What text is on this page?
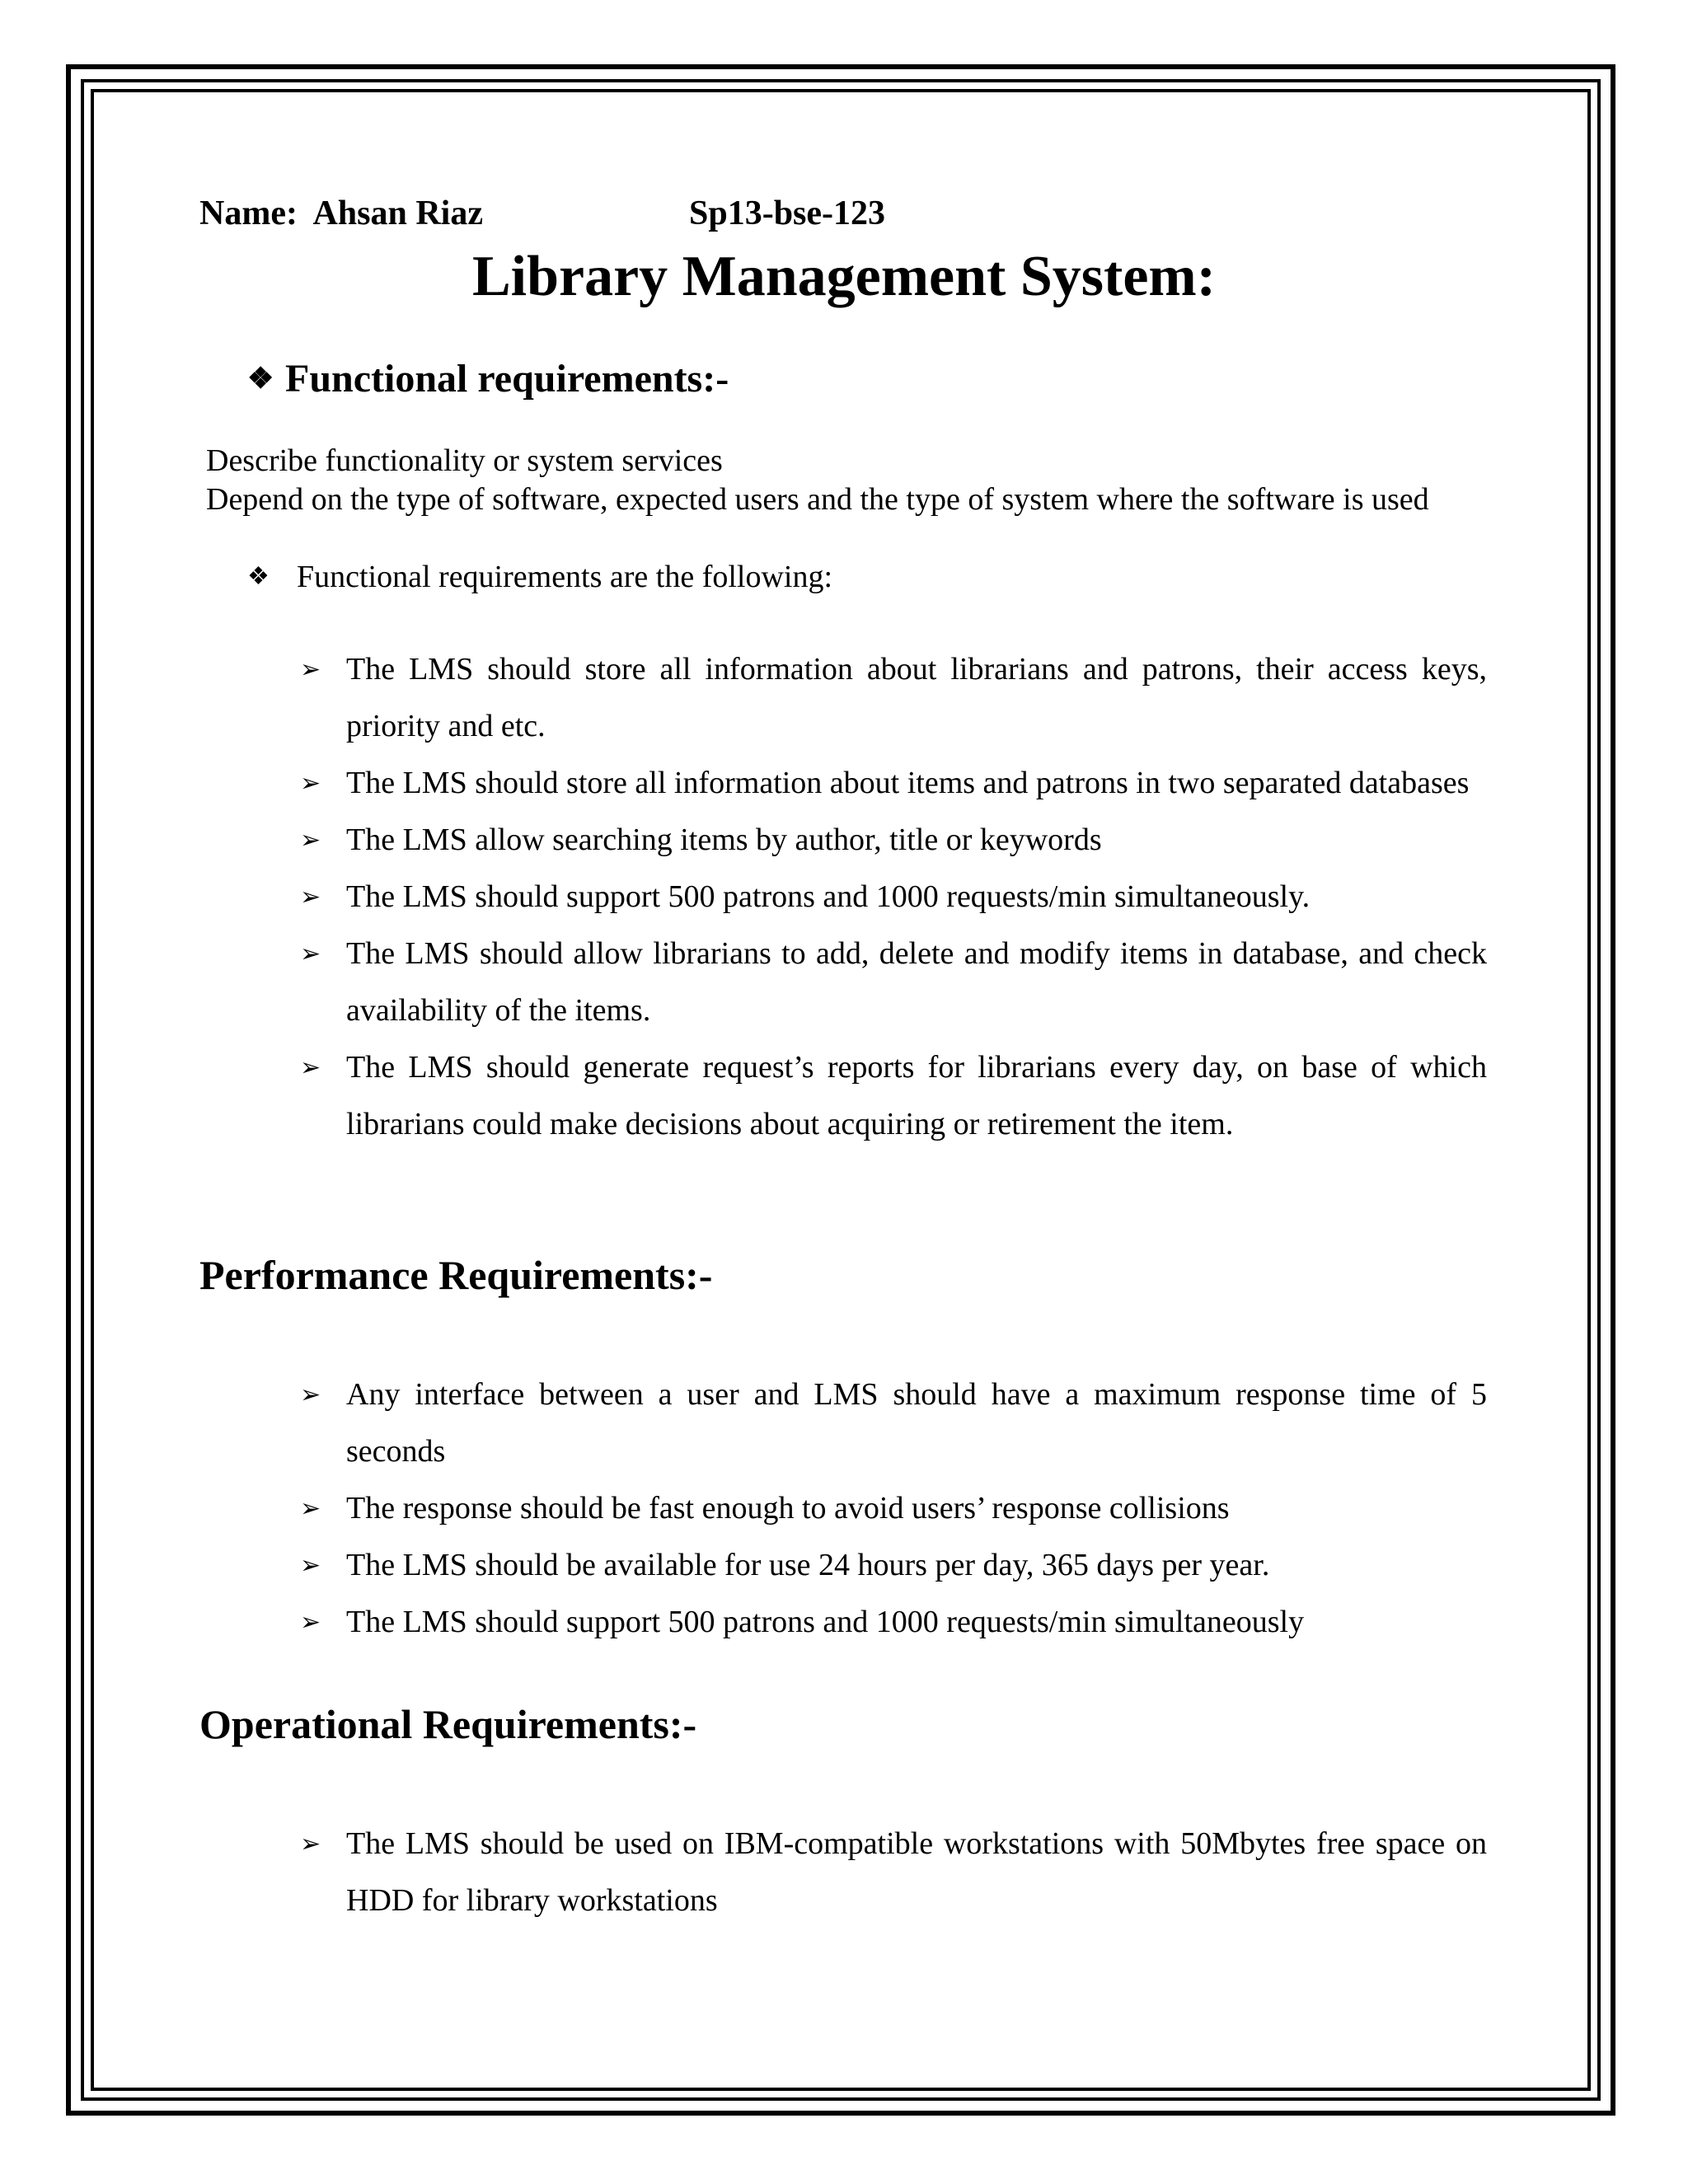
Name: Ahsan Riaz	Sp13-bse-123
Library Management System:
❖ Functional requirements:-
Describe functionality or system services
Depend on the type of software, expected users and the type of system where the software is used
❖ Functional requirements are the following:
➢ The LMS should store all information about librarians and patrons, their access keys, priority and etc.
➢ The LMS should store all information about items and patrons in two separated databases
➢ The LMS allow searching items by author, title or keywords
➢ The LMS should support 500 patrons and 1000 requests/min simultaneously.
➢ The LMS should allow librarians to add, delete and modify items in database, and check availability of the items.
➢ The LMS should generate request’s reports for librarians every day, on base of which librarians could make decisions about acquiring or retirement the item.
Performance Requirements:-
➢ Any interface between a user and LMS should have a maximum response time of 5 seconds
➢ The response should be fast enough to avoid users’ response collisions
➢ The LMS should be available for use 24 hours per day, 365 days per year.
➢ The LMS should support 500 patrons and 1000 requests/min simultaneously
Operational Requirements:-
➢ The LMS should be used on IBM-compatible workstations with 50Mbytes free space on HDD for library workstations
